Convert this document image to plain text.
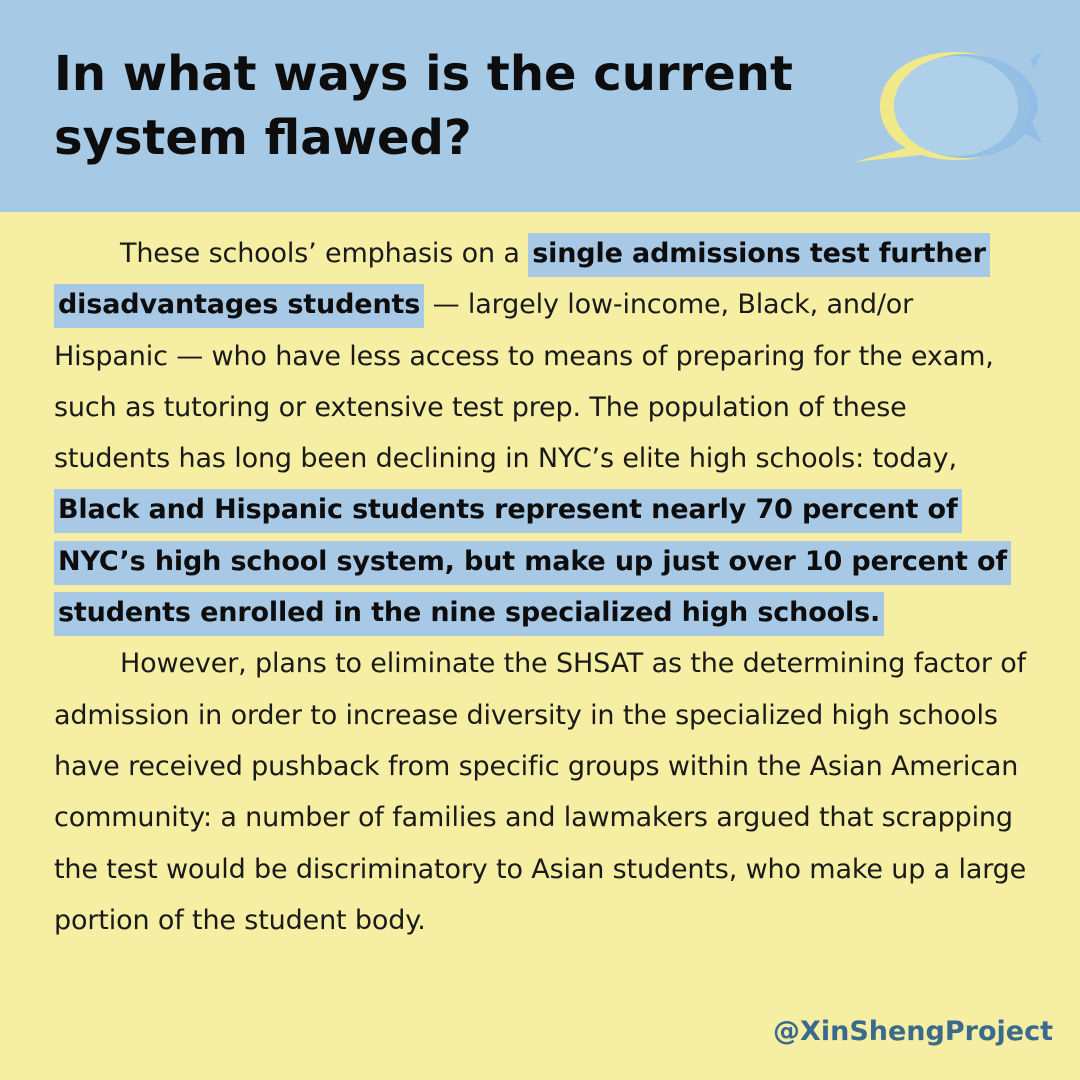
In what ways is the current system flawed?

These schools’ emphasis on a single admissions test further disadvantages students — largely low-income, Black, and/or Hispanic — who have less access to means of preparing for the exam, such as tutoring or extensive test prep. The population of these students has long been declining in NYC’s elite high schools: today, Black and Hispanic students represent nearly 70 percent of NYC’s high school system, but make up just over 10 percent of students enrolled in the nine specialized high schools.

However, plans to eliminate the SHSAT as the determining factor of admission in order to increase diversity in the specialized high schools have received pushback from specific groups within the Asian American community: a number of families and lawmakers argued that scrapping the test would be discriminatory to Asian students, who make up a large portion of the student body.

@XinShengProject
